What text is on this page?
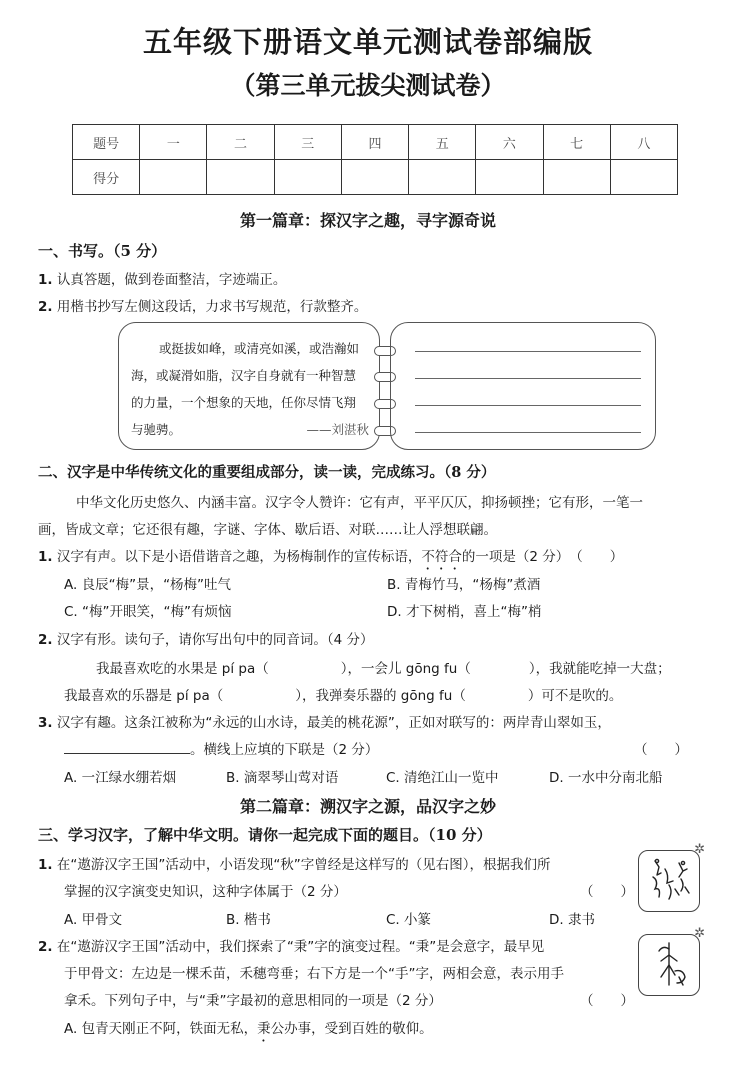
五年级下册语文单元测试卷部编版
（第三单元拔尖测试卷）
题号	一	二	三	四	五	六	七	八
得分								
第一篇章：探汉字之趣，寻字源奇说
一、书写。（5 分）
1. 认真答题，做到卷面整洁，字迹端正。
2. 用楷书抄写左侧这段话，力求书写规范，行款整齐。
或挺拔如峰，或清亮如溪，或浩瀚如
海，或凝滑如脂，汉字自身就有一种智慧
的力量，一个想象的天地，任你尽情飞翔
与驰骋。	——刘湛秋
二、汉字是中华传统文化的重要组成部分，读一读，完成练习。（8 分）
中华文化历史悠久、内涵丰富。汉字令人赞许：它有声，平平仄仄，抑扬顿挫；它有形，一笔一
画，皆成文章；它还很有趣，字谜、字体、歇后语、对联……让人浮想联翩。
1. 汉字有声。以下是小语借谐音之趣，为杨梅制作的宣传标语，不符合的一项是（2 分）　（　　）
A. 良辰“梅”景，“杨梅”吐气	B. 青梅竹马，“杨梅”煮酒
C. “梅”开眼笑，“梅”有烦恼	D. 才下树梢，喜上“梅”梢
2. 汉字有形。读句子，请你写出句中的同音词。（4 分）
我最喜欢吃的水果是 pí pa（	），一会儿 gōng fu（	），我就能吃掉一大盘；
我最喜欢的乐器是 pí pa（	），我弹奏乐器的 gōng fu（	）可不是吹的。
3. 汉字有趣。这条江被称为“永远的山水诗，最美的桃花源”，正如对联写的：两岸青山翠如玉，
。横线上应填的下联是（2 分）	（　　）
A. 一江绿水绷若烟	B. 滴翠琴山莺对语	C. 清绝江山一览中	D. 一水中分南北船
第二篇章：溯汉字之源，品汉字之妙
三、学习汉字，了解中华文明。请你一起完成下面的题目。（10 分）
1. 在“遨游汉字王国”活动中，小语发现“秋”字曾经是这样写的（见右图），根据我们所
掌握的汉字演变史知识，这种字体属于（2 分）	（　　）
A. 甲骨文	B. 楷书	C. 小篆	D. 隶书
✲
2. 在“遨游汉字王国”活动中，我们探索了“秉”字的演变过程。“秉”是会意字，最早见
于甲骨文：左边是一棵禾苗，禾穗弯垂；右下方是一个“手”字，两相会意，表示用手
拿禾。下列句子中，与“秉”字最初的意思相同的一项是（2 分）	（　　）
✲
A. 包青天刚正不阿，铁面无私，秉公办事，受到百姓的敬仰。
